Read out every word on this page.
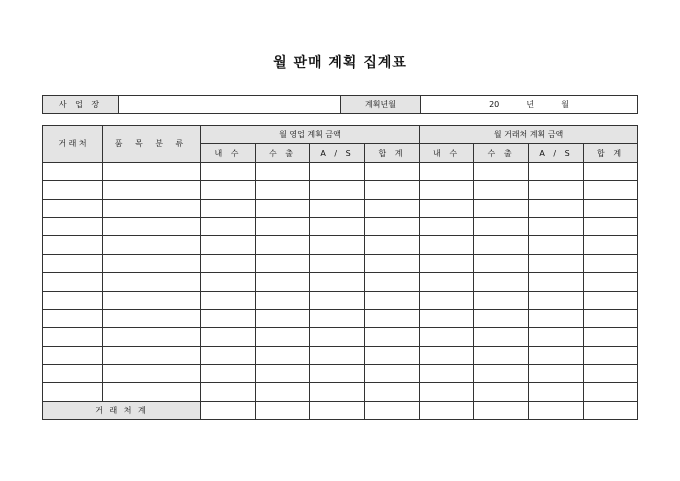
월 판매 계획 집계표
사 업 장		계획년월	20	년	월
거 래 처	품 목 분 류	월 영업 계획 금액				월 거래처 계획 금액			
		내 수	수 출	A / S	합 계	내 수	수 출	A / S	합 계

거 래 처 계									
